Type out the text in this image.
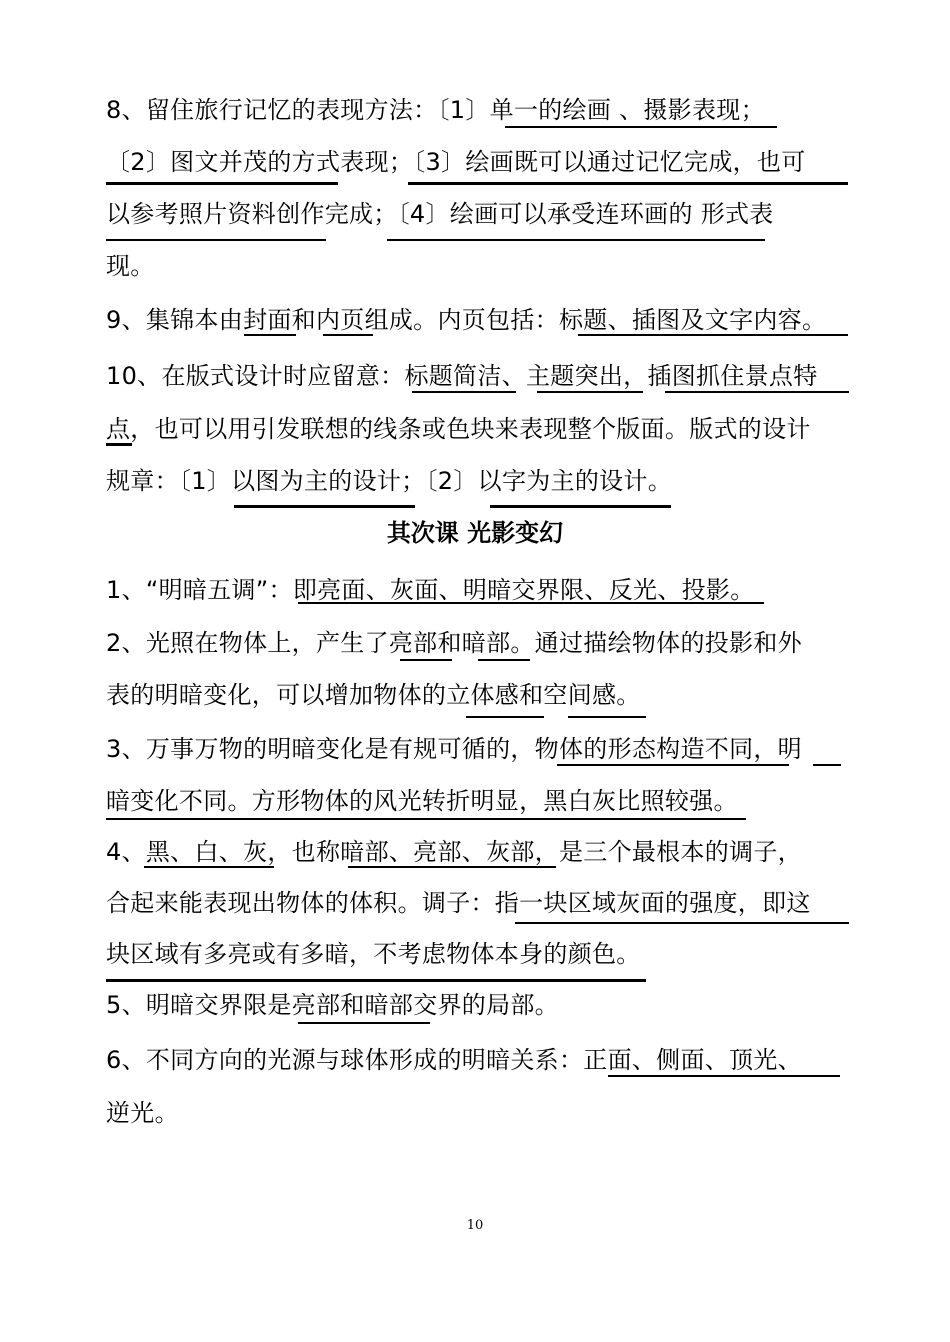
8、留住旅行记忆的表现方法：〔1〕单一的绘画 、摄影表现；
〔2〕图文并茂的方式表现；〔3〕绘画既可以通过记忆完成，也可
以参考照片资料创作完成；〔4〕绘画可以承受连环画的 形式表
现。
9、集锦本由封面和内页组成。内页包括：标题、插图及文字内容。
10、在版式设计时应留意：标题简洁、主题突出，插图抓住景点特
点，也可以用引发联想的线条或色块来表现整个版面。版式的设计
规章：〔1〕以图为主的设计；〔2〕以字为主的设计。
其次课 光影变幻
1、“明暗五调”：即亮面、灰面、明暗交界限、反光、投影。
2、光照在物体上，产生了亮部和暗部。通过描绘物体的投影和外
表的明暗变化，可以增加物体的立体感和空间感。
3、万事万物的明暗变化是有规可循的，物体的形态构造不同，明
暗变化不同。方形物体的风光转折明显，黑白灰比照较强。
4、黑、白、灰，也称暗部、亮部、灰部，是三个最根本的调子，
合起来能表现出物体的体积。调子：指一块区域灰面的强度，即这
块区域有多亮或有多暗，不考虑物体本身的颜色。
5、明暗交界限是亮部和暗部交界的局部。
6、不同方向的光源与球体形成的明暗关系：正面、侧面、顶光、
逆光。
10
